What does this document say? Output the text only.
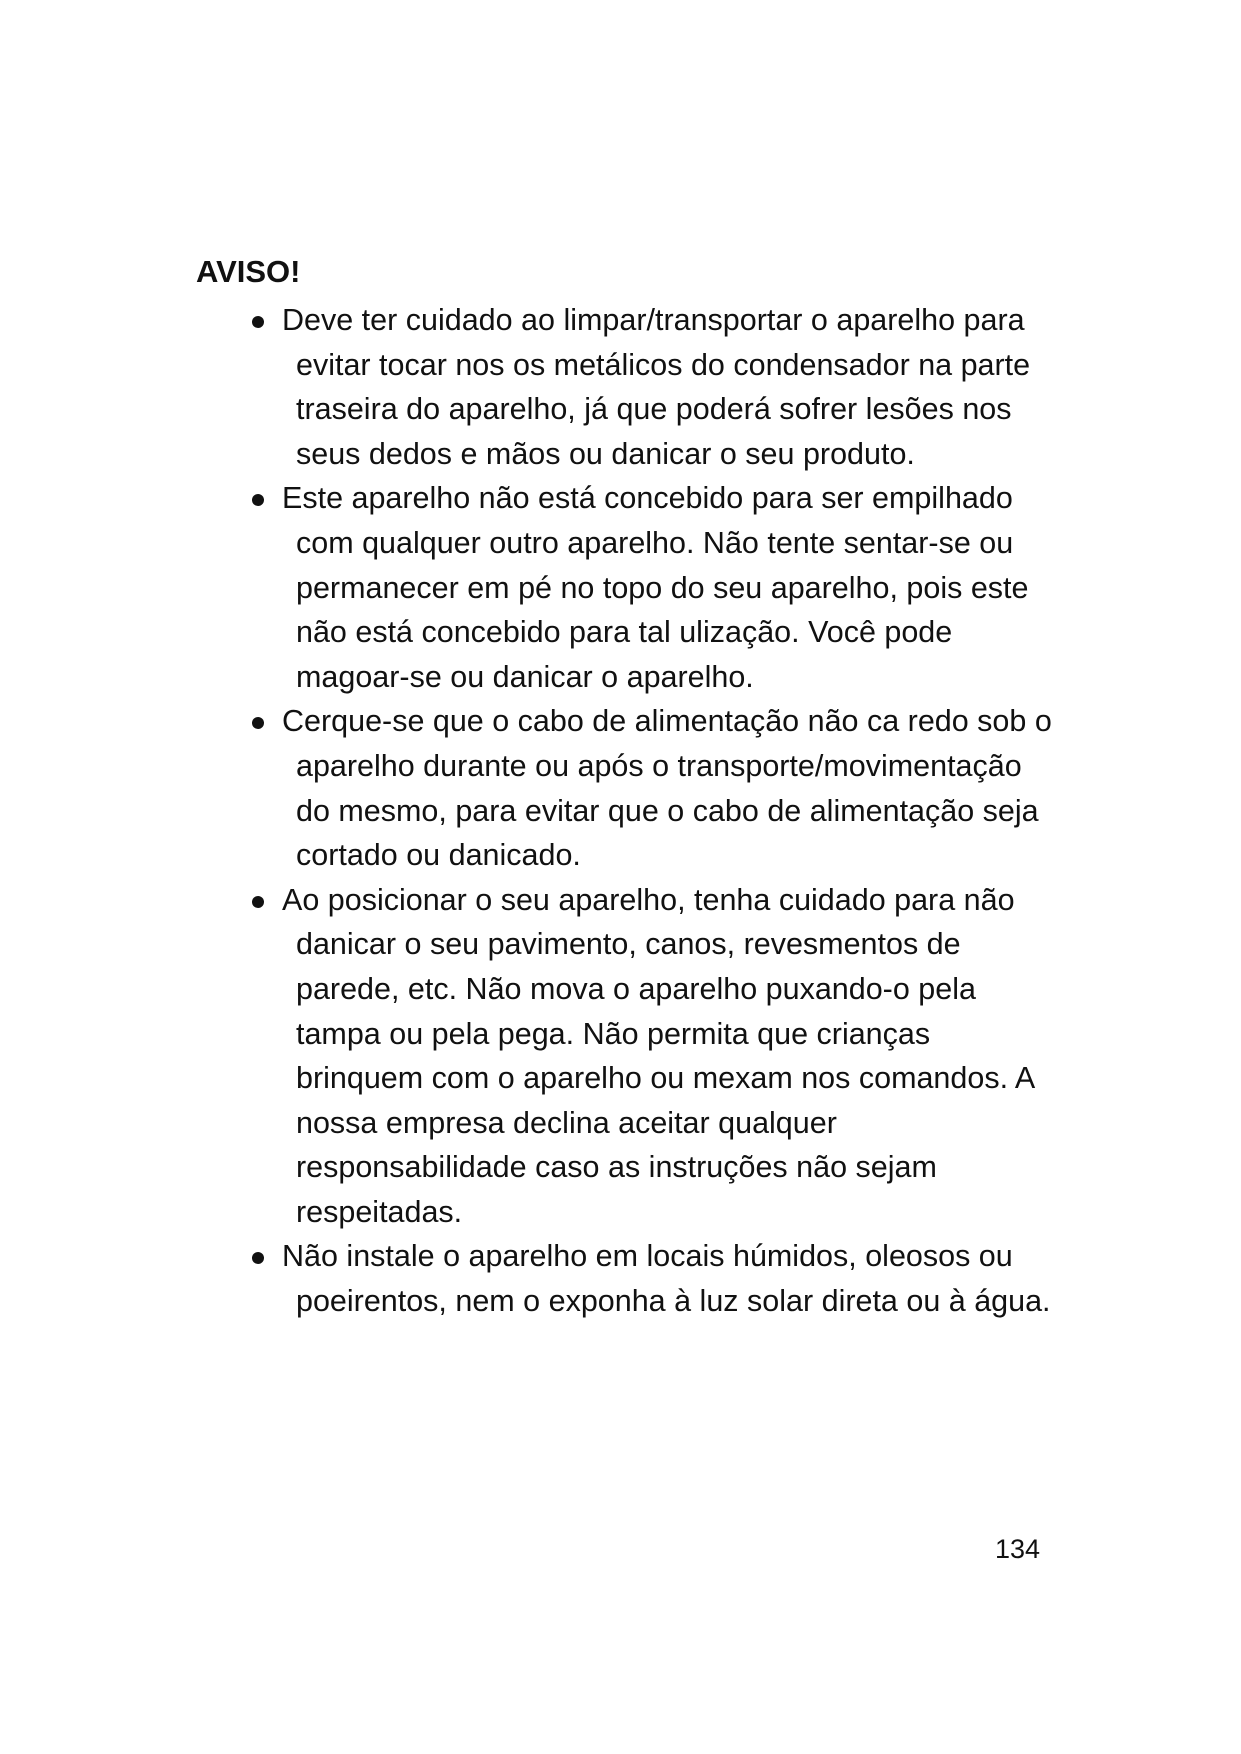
AVISO!
Deve ter cuidado ao limpar/transportar o aparelho para evitar tocar nos os metálicos do condensador na parte traseira do aparelho, já que poderá sofrer lesões nos seus dedos e mãos ou danicar o seu produto.
Este aparelho não está concebido para ser empilhado com qualquer outro aparelho. Não tente sentar-se ou permanecer em pé no topo do seu aparelho, pois este não está concebido para tal ulização. Você pode magoar-se ou danicar o aparelho.
Cerque-se que o cabo de alimentação não ca redo sob o aparelho durante ou após o transporte/movimentação do mesmo, para evitar que o cabo de alimentação seja cortado ou danicado.
Ao posicionar o seu aparelho, tenha cuidado para não danicar o seu pavimento, canos, revesmentos de parede, etc. Não mova o aparelho puxando-o pela tampa ou pela pega. Não permita que crianças brinquem com o aparelho ou mexam nos comandos. A nossa empresa declina aceitar qualquer responsabilidade caso as instruções não sejam respeitadas.
Não instale o aparelho em locais húmidos, oleosos ou poeirentos, nem o exponha à luz solar direta ou à água.
134
